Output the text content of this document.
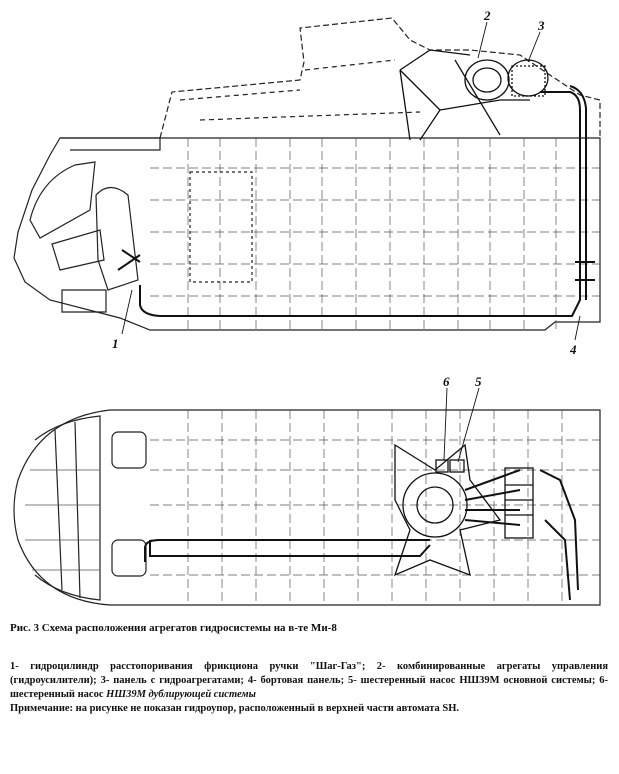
1
2
3
4
6 5
Рис. 3 Схема расположения агрегатов гидросистемы на в-те Ми-8

1- гидроцилиндр расстопоривания фрикциона ручки "Шаг-Газ"; 2- комбинированные агрегаты управления (гидроусилители); 3- панель с гидроагрегатами; 4- бортовая панель; 5- шестеренный насос НШ39М основной системы; 6- шестеренный насос НШ39М дублирующей системы

Примечание: на рисунке не показан гидроупор, расположенный в верхней части автомата SH.
